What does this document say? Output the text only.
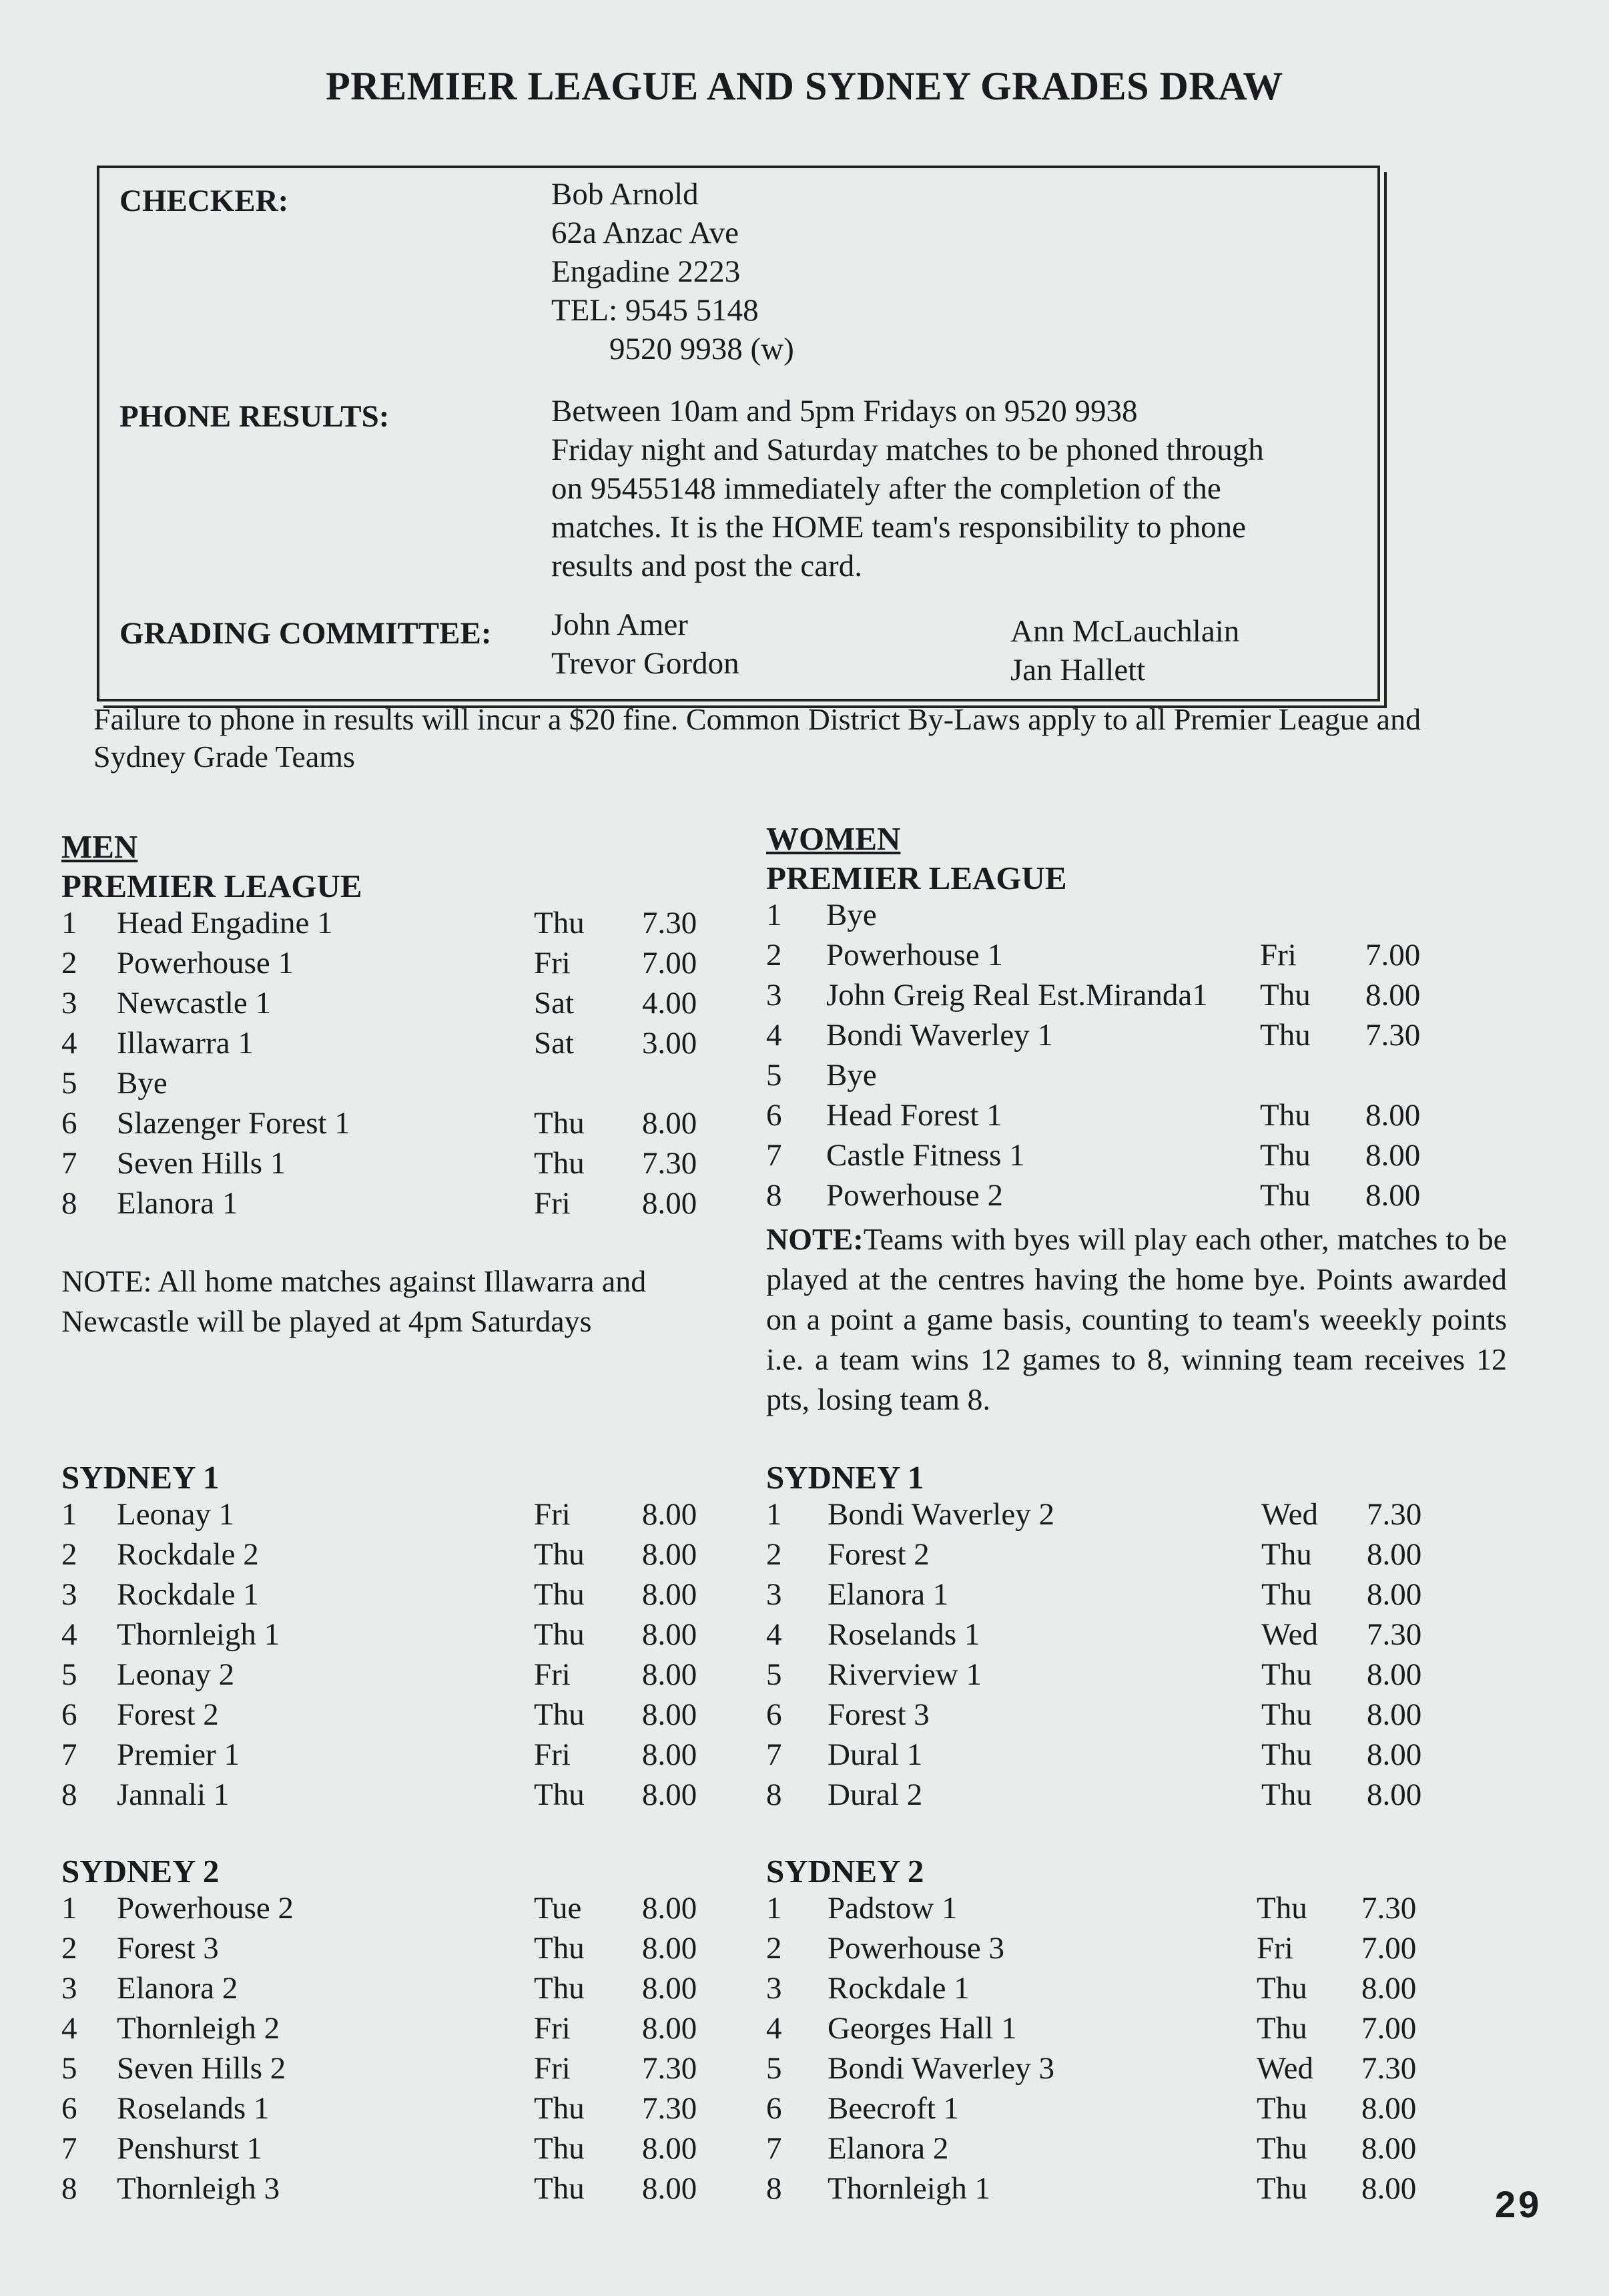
PREMIER LEAGUE AND SYDNEY GRADES DRAW
CHECKER:	Bob Arnold
62a Anzac Ave
Engadine 2223
TEL: 9545 5148
9520 9938 (w)
PHONE RESULTS:	Between 10am and 5pm Fridays on 9520 9938
Friday night and Saturday matches to be phoned through
on 95455148 immediately after the completion of the
matches. It is the HOME team's responsibility to phone
results and post the card.
GRADING COMMITTEE: John Amer
Trevor Gordon
Ann McLauchlain
Jan Hallett
Failure to phone in results will incur a $20 fine. Common District By-Laws apply to all Premier League and Sydney Grade Teams
MEN
PREMIER LEAGUE
1 Head Engadine 1	Thu 7.30
2 Powerhouse 1	Fri 7.00
3 Newcastle 1	Sat 4.00
4 Illawarra 1	Sat 3.00
5 Bye
6 Slazenger Forest 1	Thu 8.00
7 Seven Hills 1	Thu 7.30
8 Elanora 1	Fri 8.00
NOTE: All home matches against Illawarra and Newcastle will be played at 4pm Saturdays
SYDNEY 1
1 Leonay 1	Fri 8.00
2 Rockdale 2	Thu 8.00
3 Rockdale 1	Thu 8.00
4 Thornleigh 1	Thu 8.00
5 Leonay 2	Fri 8.00
6 Forest 2	Thu 8.00
7 Premier 1	Fri 8.00
8 Jannali 1	Thu 8.00
SYDNEY 2
1 Powerhouse 2	Tue 8.00
2 Forest 3	Thu 8.00
3 Elanora 2	Thu 8.00
4 Thornleigh 2	Fri 8.00
5 Seven Hills 2	Fri 7.30
6 Roselands 1	Thu 7.30
7 Penshurst 1	Thu 8.00
8 Thornleigh 3	Thu 8.00
WOMEN
PREMIER LEAGUE
1 Bye
2 Powerhouse 1	Fri 7.00
3 John Greig Real Est.Miranda1 Thu 8.00
4 Bondi Waverley 1	Thu 7.30
5 Bye
6 Head Forest 1	Thu 8.00
7 Castle Fitness 1	Thu 8.00
8 Powerhouse 2	Thu 8.00
NOTE:Teams with byes will play each other, matches to be played at the centres having the home bye. Points awarded on a point a game basis, counting to team's weeekly points i.e. a team wins 12 games to 8, winning team receives 12 pts, losing team 8.
SYDNEY 1
1 Bondi Waverley 2	Wed 7.30
2 Forest 2	Thu 8.00
3 Elanora 1	Thu 8.00
4 Roselands 1	Wed 7.30
5 Riverview 1	Thu 8.00
6 Forest 3	Thu 8.00
7 Dural 1	Thu 8.00
8 Dural 2	Thu 8.00
SYDNEY 2
1 Padstow 1	Thu 7.30
2 Powerhouse 3	Fri 7.00
3 Rockdale 1	Thu 8.00
4 Georges Hall 1	Thu 7.00
5 Bondi Waverley 3	Wed 7.30
6 Beecroft 1	Thu 8.00
7 Elanora 2	Thu 8.00
8 Thornleigh 1	Thu 8.00 29
